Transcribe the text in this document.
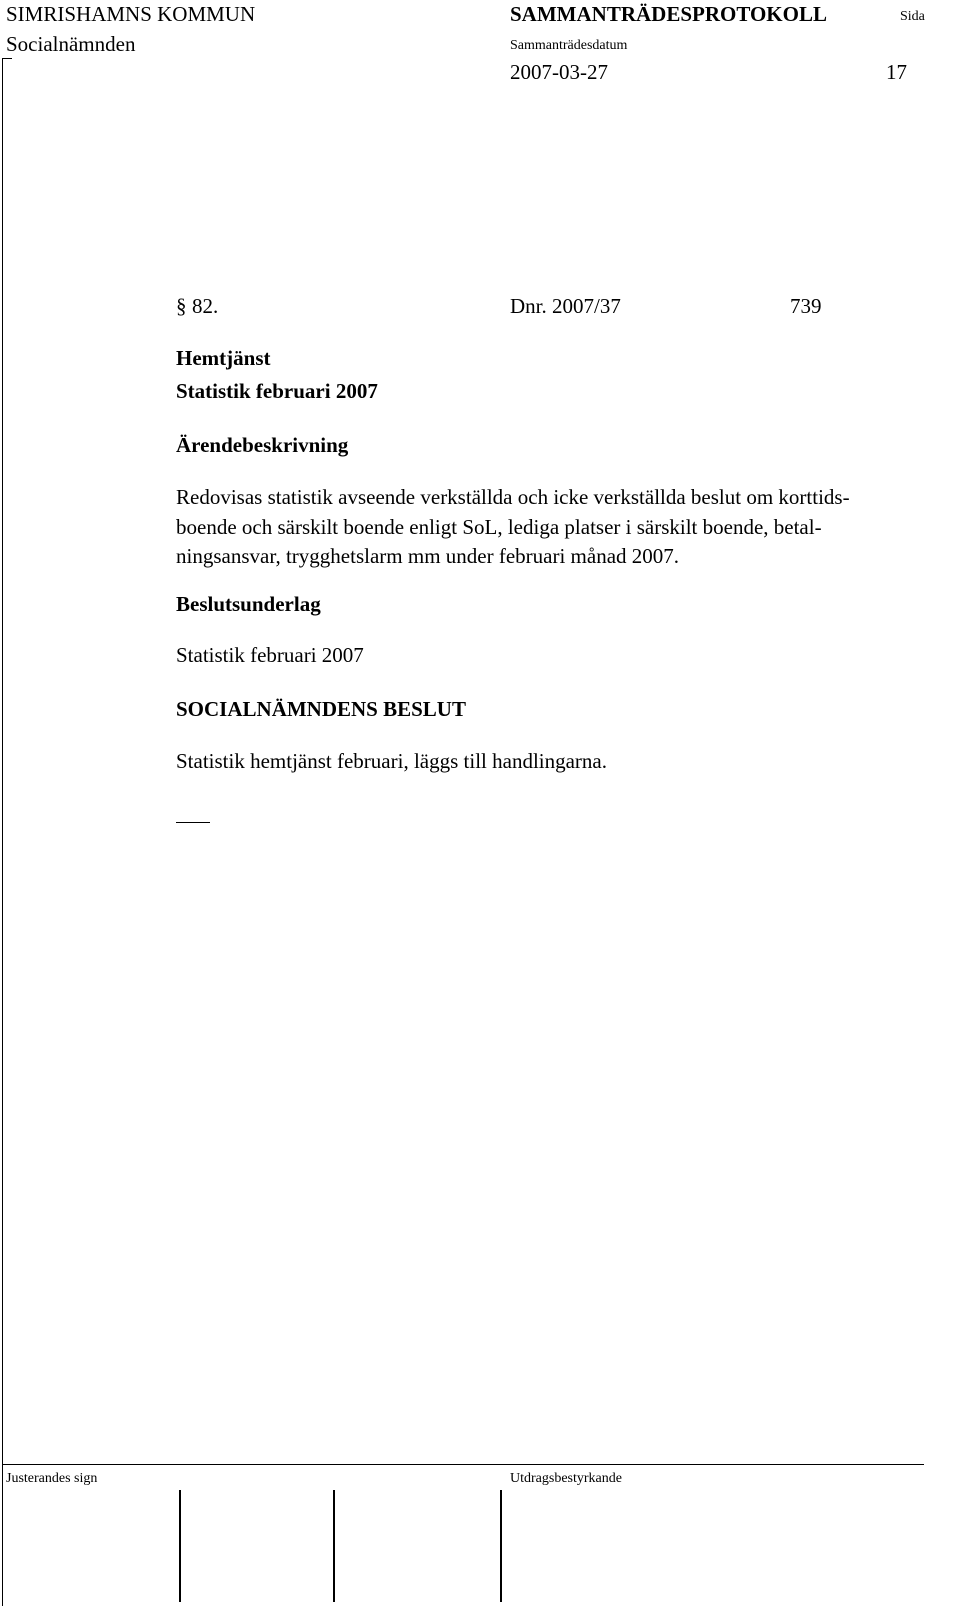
SIMRISHAMNS KOMMUN
Socialnämnden
SAMMANTRÄDESPROTOKOLL	Sida
Sammanträdesdatum
2007-03-27	17
§ 82.	Dnr. 2007/37	739
Hemtjänst
Statistik februari 2007
Ärendebeskrivning
Redovisas statistik avseende verkställda och icke verkställda beslut om korttids-
boende och särskilt boende enligt SoL, lediga platser i särskilt boende, betal-
ningsansvar, trygghetslarm mm under februari månad 2007.
Beslutsunderlag
Statistik februari 2007
SOCIALNÄMNDENS BESLUT
Statistik hemtjänst februari, läggs till handlingarna.
Justerandes sign	Utdragsbestyrkande
